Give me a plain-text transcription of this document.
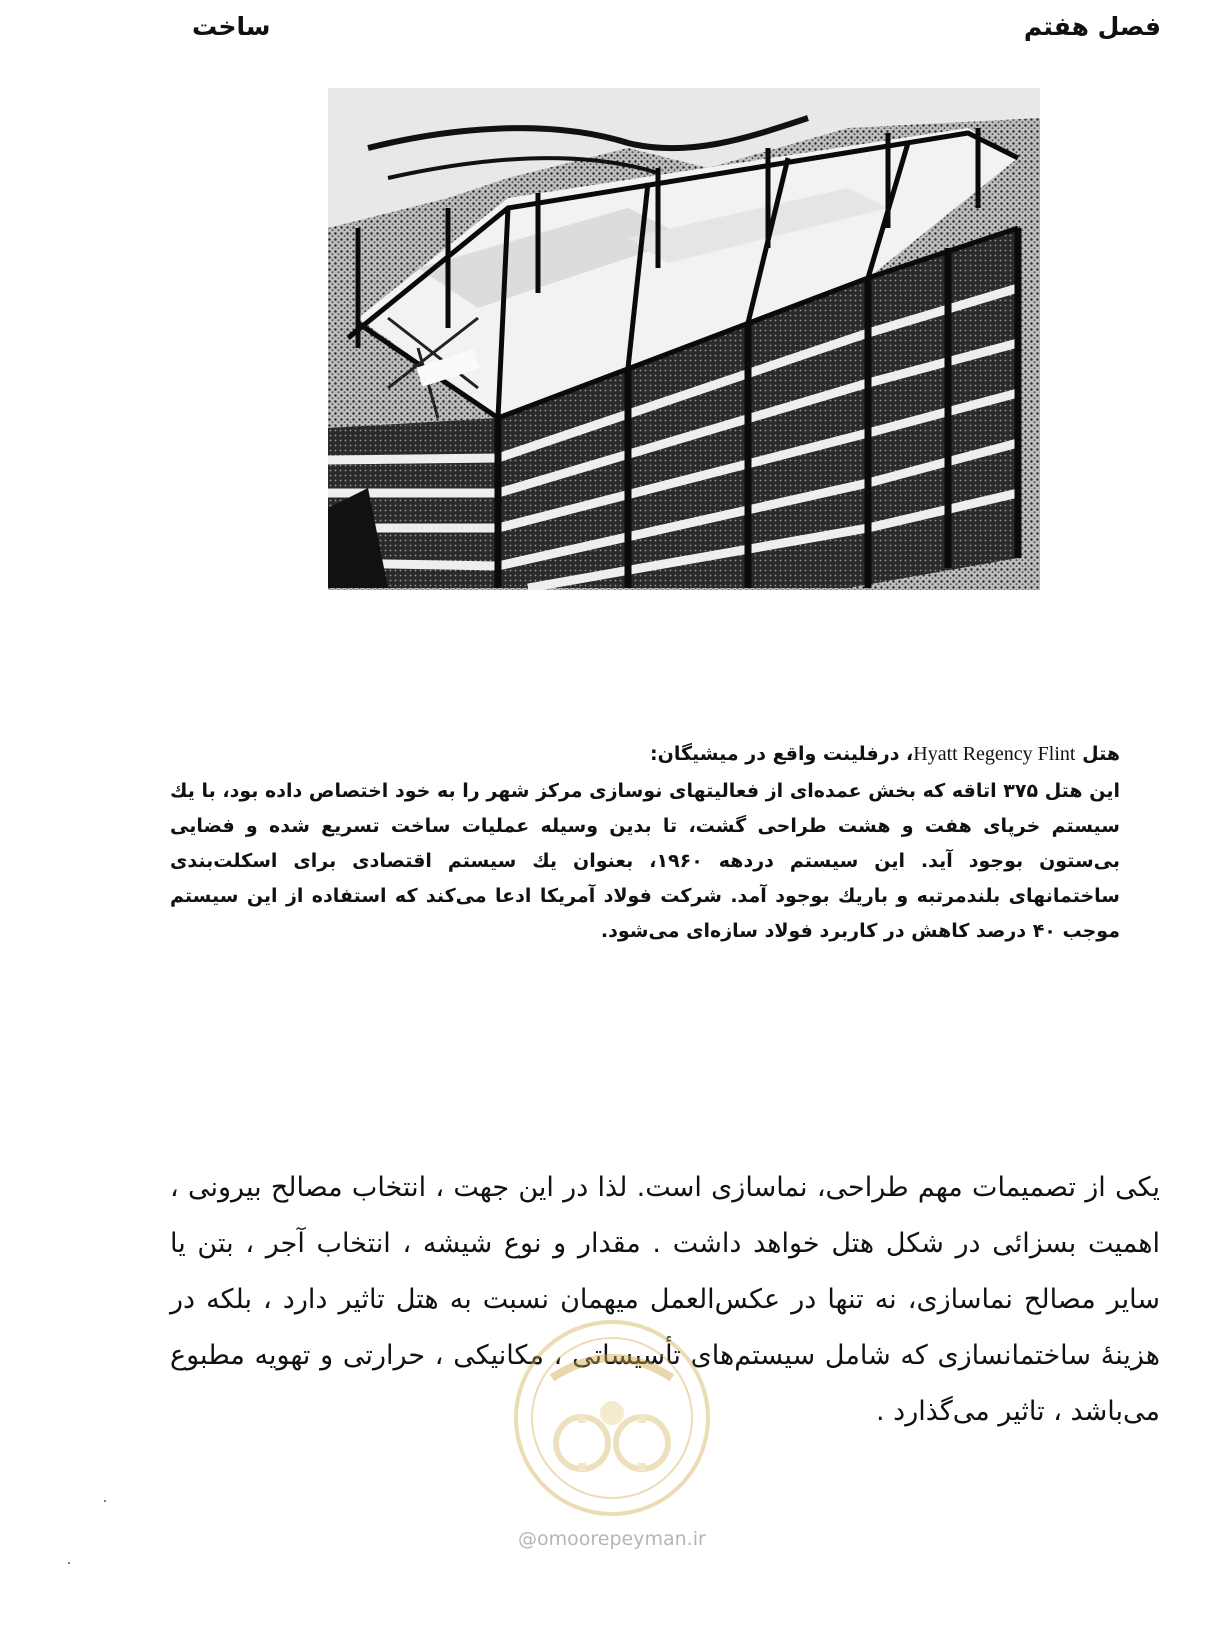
فصل هفتم
ساخت

هتل Hyatt Regency Flint، درفلینت واقع در میشیگان:

این هتل ۳۷۵ اتاقه که بخش عمده‌ای از فعالیتهای نوسازی مرکز شهر را به خود اختصاص داده بود، با یك سیستم خرپای هفت و هشت طراحی گشت، تا بدین وسیله عملیات ساخت تسریع شده و فضایی بی‌ستون بوجود آید. این سیستم دردهه ۱۹۶۰، بعنوان یك سیستم اقتصادی برای اسکلت‌بندی ساختمانهای بلندمرتبه و باریك بوجود آمد. شرکت فولاد آمریکا ادعا می‌کند که استفاده از این سیستم موجب ۴۰ درصد کاهش در کاربرد فولاد سازه‌ای می‌شود.

یکی از تصمیمات مهم طراحی، نماسازی است. لذا در این جهت ، انتخاب مصالح بیرونی ، اهمیت بسزائی در شکل هتل خواهد داشت . مقدار و نوع شیشه ، انتخاب آجر ، بتن یا سایر مصالح نماسازی، نه تنها در عکس‌العمل میهمان نسبت به هتل تاثیر دارد ، بلکه در هزینهٔ ساختمانسازی که شامل سیستم‌های تأسیساتی ، مکانیکی ، حرارتی و تهویه مطبوع می‌باشد ، تاثیر می‌گذارد .

@omoorepeyman.ir
